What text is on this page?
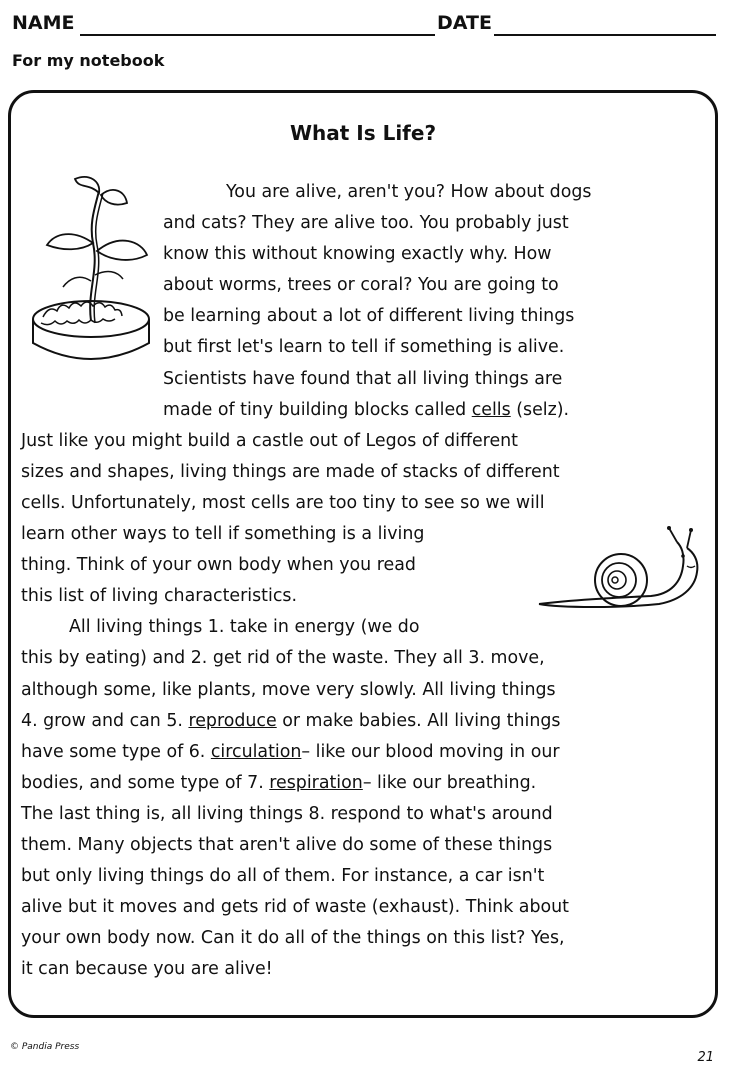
NAME	DATE
For my notebook
What Is Life?
You are alive, aren't you? How about dogs
and cats? They are alive too. You probably just
know this without knowing exactly why. How
about worms, trees or coral? You are going to
be learning about a lot of different living things
but first let's learn to tell if something is alive.
Scientists have found that all living things are
made of tiny building blocks called cells (selz).
Just like you might build a castle out of Legos of different
sizes and shapes, living things are made of stacks of different
cells. Unfortunately, most cells are too tiny to see so we will
learn other ways to tell if something is a living
thing. Think of your own body when you read
this list of living characteristics.
All living things 1. take in energy (we do
this by eating) and 2. get rid of the waste. They all 3. move,
although some, like plants, move very slowly. All living things
4. grow and can 5. reproduce or make babies. All living things
have some type of 6. circulation– like our blood moving in our
bodies, and some type of 7. respiration– like our breathing.
The last thing is, all living things 8. respond to what's around
them. Many objects that aren't alive do some of these things
but only living things do all of them. For instance, a car isn't
alive but it moves and gets rid of waste (exhaust). Think about
your own body now. Can it do all of the things on this list? Yes,
it can because you are alive!
© Pandia Press
21
